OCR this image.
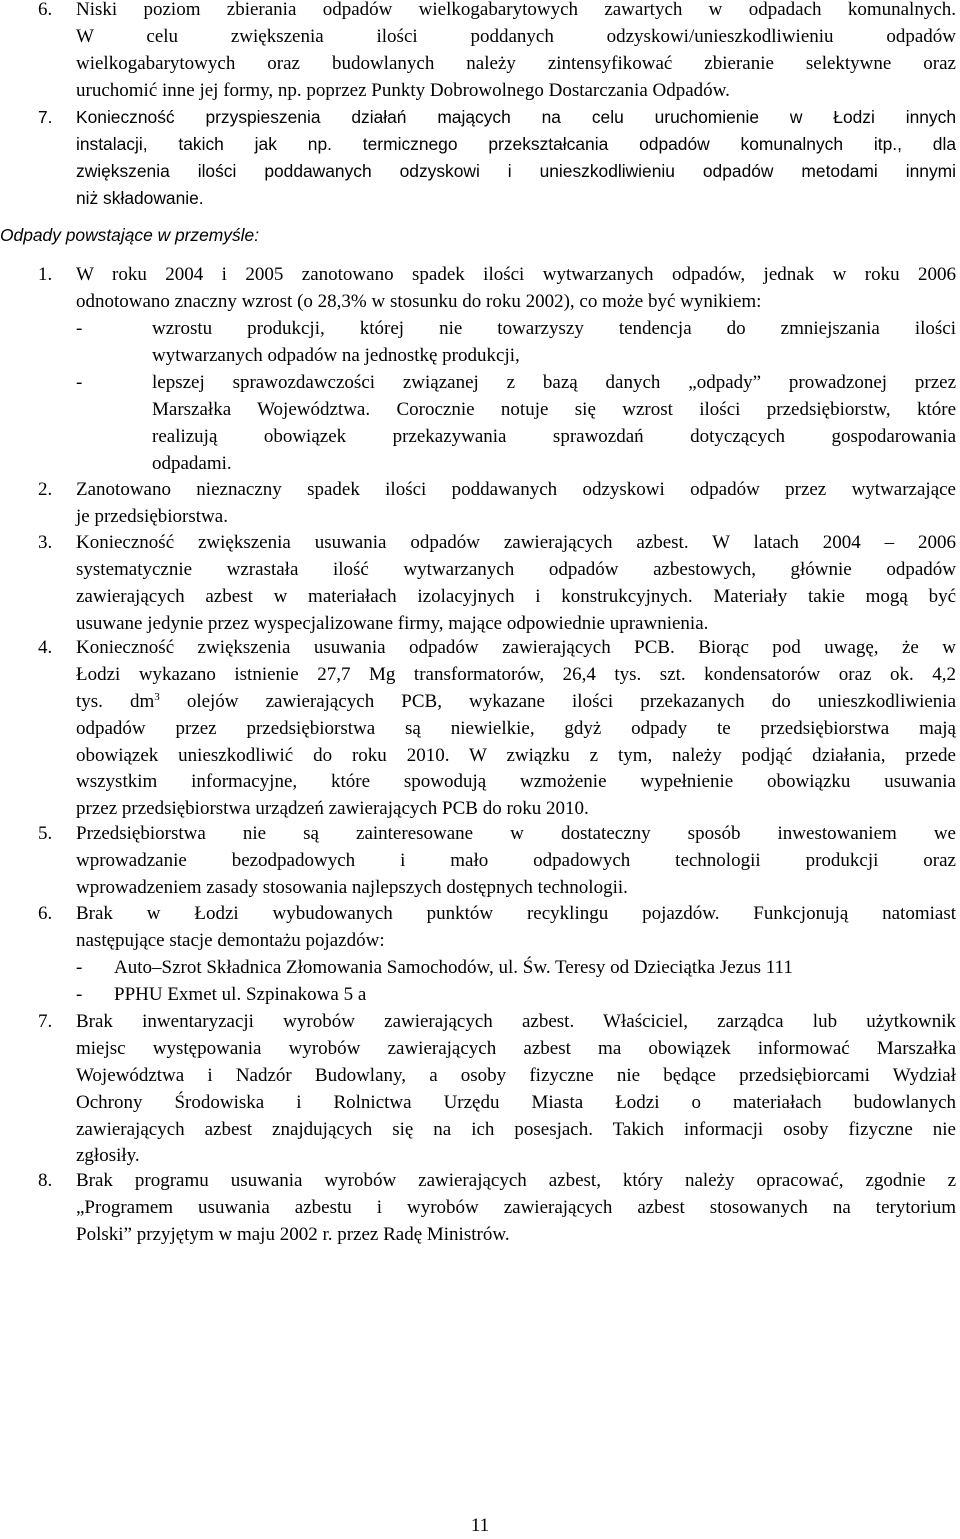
6. Niski poziom zbierania odpadów wielkogabarytowych zawartych w odpadach komunalnych.
W celu zwiększenia ilości poddanych odzyskowi/unieszkodliwieniu odpadów
wielkogabarytowych oraz budowlanych należy zintensyfikować zbieranie selektywne oraz
uruchomić inne jej formy, np. poprzez Punkty Dobrowolnego Dostarczania Odpadów.
7. Konieczność przyspieszenia działań mających na celu uruchomienie w Łodzi innych
instalacji, takich jak np. termicznego przekształcania odpadów komunalnych itp., dla
zwiększenia ilości poddawanych odzyskowi i unieszkodliwieniu odpadów metodami innymi
niż składowanie.
Odpady powstające w przemyśle:
1. W roku 2004 i 2005 zanotowano spadek ilości wytwarzanych odpadów, jednak w roku 2006
odnotowano znaczny wzrost (o 28,3% w stosunku do roku 2002), co może być wynikiem:
-	wzrostu produkcji, której nie towarzyszy tendencja do zmniejszania ilości
wytwarzanych odpadów na jednostkę produkcji,
-	lepszej sprawozdawczości związanej z bazą danych „odpady” prowadzonej przez
Marszałka Województwa. Corocznie notuje się wzrost ilości przedsiębiorstw, które
realizują obowiązek przekazywania sprawozdań dotyczących gospodarowania
odpadami.
2. Zanotowano nieznaczny spadek ilości poddawanych odzyskowi odpadów przez wytwarzające
je przedsiębiorstwa.
3. Konieczność zwiększenia usuwania odpadów zawierających azbest. W latach 2004 – 2006
systematycznie wzrastała ilość wytwarzanych odpadów azbestowych, głównie odpadów
zawierających azbest w materiałach izolacyjnych i konstrukcyjnych. Materiały takie mogą być
usuwane jedynie przez wyspecjalizowane firmy, mające odpowiednie uprawnienia.
4. Konieczność zwiększenia usuwania odpadów zawierających PCB. Biorąc pod uwagę, że w
Łodzi wykazano istnienie 27,7 Mg transformatorów, 26,4 tys. szt. kondensatorów oraz ok. 4,2
tys. $dm^3$ olejów zawierających PCB, wykazane ilości przekazanych do unieszkodliwienia
odpadów przez przedsiębiorstwa są niewielkie, gdyż odpady te przedsiębiorstwa mają
obowiązek unieszkodliwić do roku 2010. W związku z tym, należy podjąć działania, przede
wszystkim informacyjne, które spowodują wzmożenie wypełnienie obowiązku usuwania
przez przedsiębiorstwa urządzeń zawierających PCB do roku 2010.
5. Przedsiębiorstwa nie są zainteresowane w dostateczny sposób inwestowaniem we
wprowadzanie bezodpadowych i mało odpadowych technologii produkcji oraz
wprowadzeniem zasady stosowania najlepszych dostępnych technologii.
6. Brak w Łodzi wybudowanych punktów recyklingu pojazdów. Funkcjonują natomiast
następujące stacje demontażu pojazdów:
- Auto–Szrot Składnica Złomowania Samochodów, ul. Św. Teresy od Dzieciątka Jezus 111
- PPHU Exmet ul. Szpinakowa 5 a
7. Brak inwentaryzacji wyrobów zawierających azbest. Właściciel, zarządca lub użytkownik
miejsc występowania wyrobów zawierających azbest ma obowiązek informować Marszałka
Województwa i Nadzór Budowlany, a osoby fizyczne nie będące przedsiębiorcami Wydział
Ochrony Środowiska i Rolnictwa Urzędu Miasta Łodzi o materiałach budowlanych
zawierających azbest znajdujących się na ich posesjach. Takich informacji osoby fizyczne nie
zgłosiły.
8. Brak programu usuwania wyrobów zawierających azbest, który należy opracować, zgodnie z
„Programem usuwania azbestu i wyrobów zawierających azbest stosowanych na terytorium
Polski” przyjętym w maju 2002 r. przez Radę Ministrów.
11
